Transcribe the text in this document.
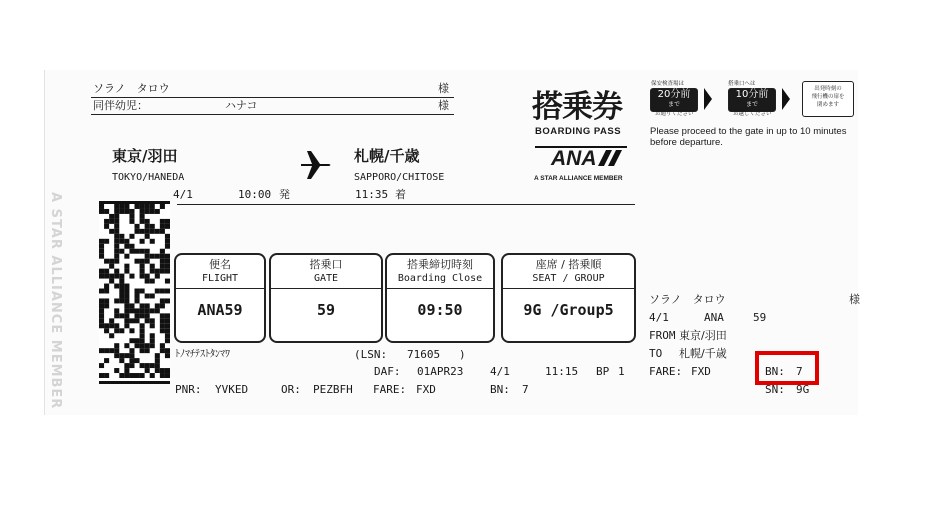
A STAR ALLIANCE MEMBER
ソラノ　タロウ	様
同伴幼児：	ハナコ	様
東京/羽田
TOKYO/HANEDA
札幌/千歳
SAPPORO/CHITOSE
4/1	10:00 発	11:35 着
搭乗券
BOARDING PASS
ANA
A STAR ALLIANCE MEMBER
保安検査場は
20分前
まで
お通りください
搭乗口へは
10分前
まで
お越しください
出発時刻の
飛行機の扉を
閉めます
Please proceed to the gate in up to 10 minutes
before departure.
便名
FLIGHT
ANA59
搭乗口
GATE
59
搭乗締切時刻
Boarding Close
09:50
座席 / 搭乗順
SEAT / GROUP
9G /Group5
ﾄﾉﾏﾁﾃｽﾄﾀﾝﾏﾜ	(LSN: 71605 )
DAF: 01APR23 4/1	11:15 BP 1
PNR: YVKED	OR: PEZBFH FARE: FXD	BN: 7
ソラノ　タロウ	様
4/1	ANA	59
FROM 東京/羽田
TO 札幌/千歳
FARE: FXD	BN: 7
SN: 9G
